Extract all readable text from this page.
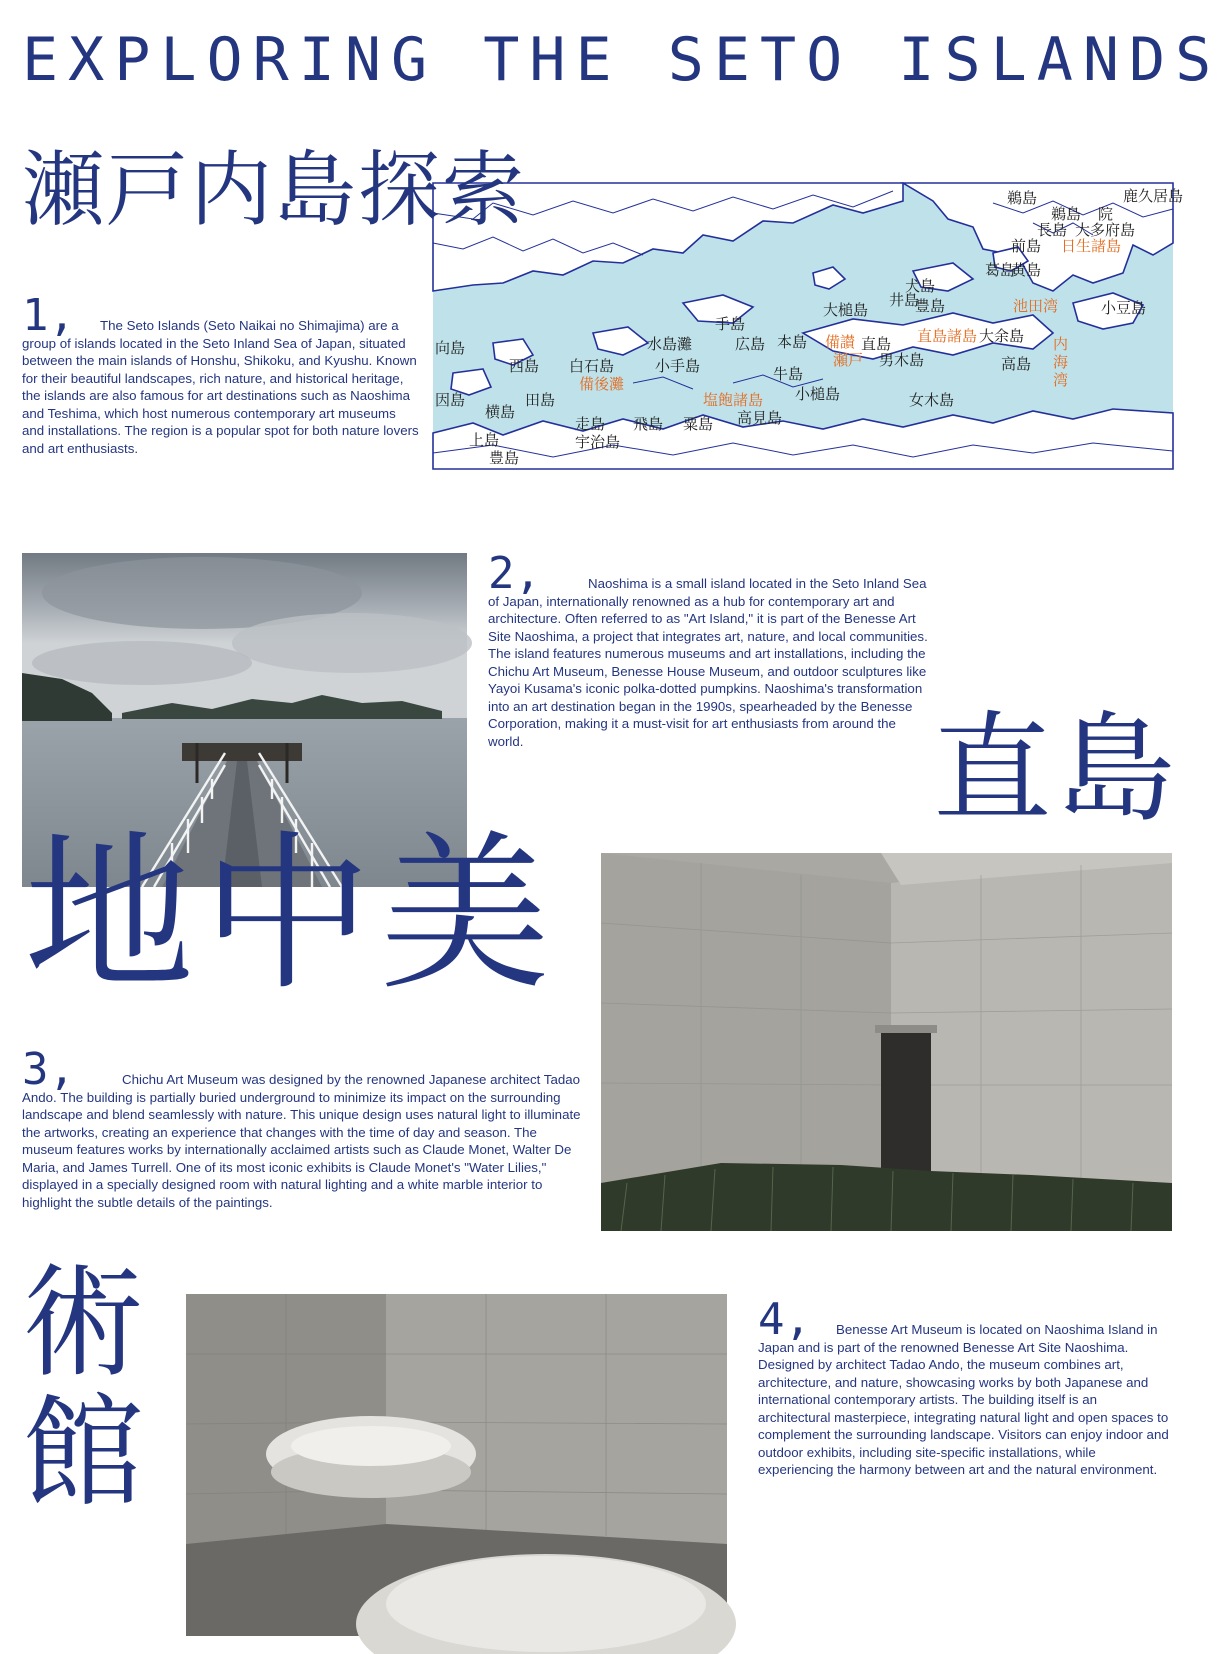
EXPLORING THE SETO ISLANDS
瀬戸内島探索	鵜島
鵜島 院
鹿久居島
長島 大多府島
前島 日生諸島
葛島
黄島
犬島
井島
豊島	池田湾	小豆島
大槌島
直島諸島 大余島 内
海
湾
直島
備讃
瀬戸 男木島	高島
小槌島	女木島
手島
水島灘	広島 本島
小手島	牛島
白石島
西島
向島
備後灘
塩飽諸島
因島
横島
田島
上島
走島
宇治島
飛島 粟島 高見島
豊島

1, The Seto Islands (Seto Naikai no Shimajima) are a group of islands located in the Seto Inland Sea of Japan, situated between the main islands of Honshu, Shikoku, and Kyushu. Known for their beautiful landscapes, rich nature, and historical heritage, the islands are also famous for art destinations such as Naoshima and Teshima, which host numerous contemporary art museums and installations. The region is a popular spot for both nature lovers and art enthusiasts.

2,	Naoshima is a small island located in the Seto Inland Sea of Japan, internationally renowned as a hub for contemporary art and architecture. Often referred to as "Art Island," it is part of the Benesse Art Site Naoshima, a project that integrates art, nature, and local communities. The island features numerous museums and art installations, including the Chichu Art Museum, Benesse House Museum, and outdoor sculptures like Yayoi Kusama's iconic polka-dotted pumpkins. Naoshima's transformation into an art destination began in the 1990s, spearheaded by the Benesse Corporation, making it a must-visit for art enthusiasts from around the world.	直島
地中美

3,	Chichu Art Museum was designed by the renowned Japanese architect Tadao Ando. The building is partially buried underground to minimize its impact on the surrounding landscape and blend seamlessly with nature. This unique design uses natural light to illuminate the artworks, creating an experience that changes with the time of day and season. The museum features works by internationally acclaimed artists such as Claude Monet, Walter De Maria, and James Turrell. One of its most iconic exhibits is Claude Monet's "Water Lilies," displayed in a specially designed room with natural lighting and a white marble interior to highlight the subtle details of the paintings.

術
館

4, Benesse Art Museum is located on Naoshima Island in Japan and is part of the renowned Benesse Art Site Naoshima. Designed by architect Tadao Ando, the museum combines art, architecture, and nature, showcasing works by both Japanese and international contemporary artists. The building itself is an architectural masterpiece, integrating natural light and open spaces to complement the surrounding landscape. Visitors can enjoy indoor and outdoor exhibits, including site-specific installations, while experiencing the harmony between art and the natural environment.
